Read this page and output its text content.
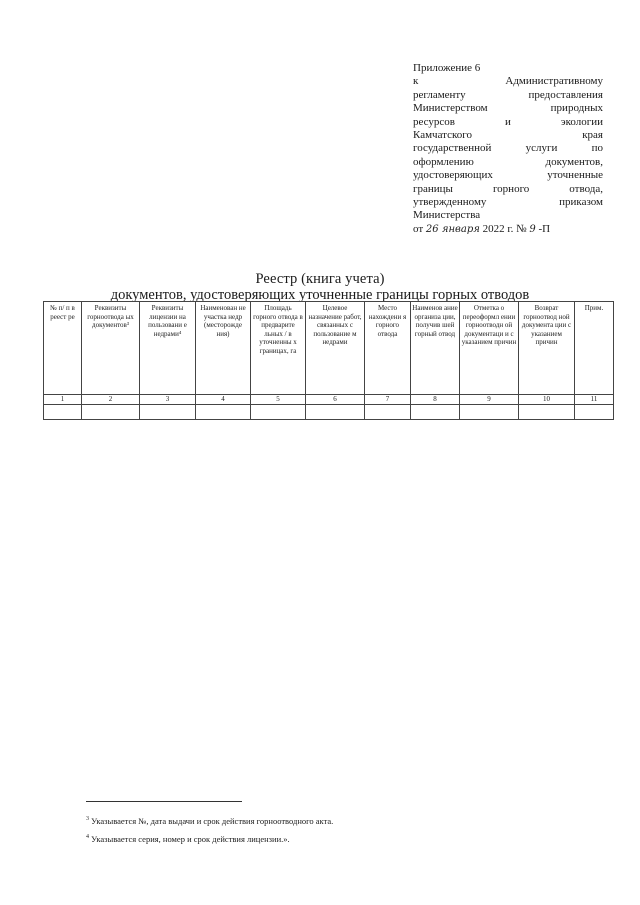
Приложение 6
к Административному
регламенту предоставления
Министерством природных
ресурсов и экологии
Камчатского края
государственной услуги по
оформлению документов,
удостоверяющих уточненные
границы горного отвода,
утвержденному приказом
Министерства
от 26 января 2022 г. № 9 -П
Реестр (книга учета)
документов, удостоверяющих уточненные границы горных отводов
№ п/ п в реест ре	Реквизиты горноотвода ых документов³	Реквизиты лицензии на пользовани е недрами⁴	Наименован не участка недр (месторожде ния)	Площадь горного отвода в предварите льных / в уточненны х границах, га	Целевое назначение работ, связанных с пользование м недрами	Место нахождени я горного отвода	Наименов ание организа ции, получив шей горный отвод	Отметка о переоформл ении горноотводн ой документаци и с указанием причин	Возврат горноотвод ной документа ции с указанием причин	Прим.
1	2	3	4	5	6	7	8	9	10	11

$^3$ Указывается №, дата выдачи и срок действия горноотводного акта.
$^4$ Указывается серия, номер и срок действия лицензии.».
